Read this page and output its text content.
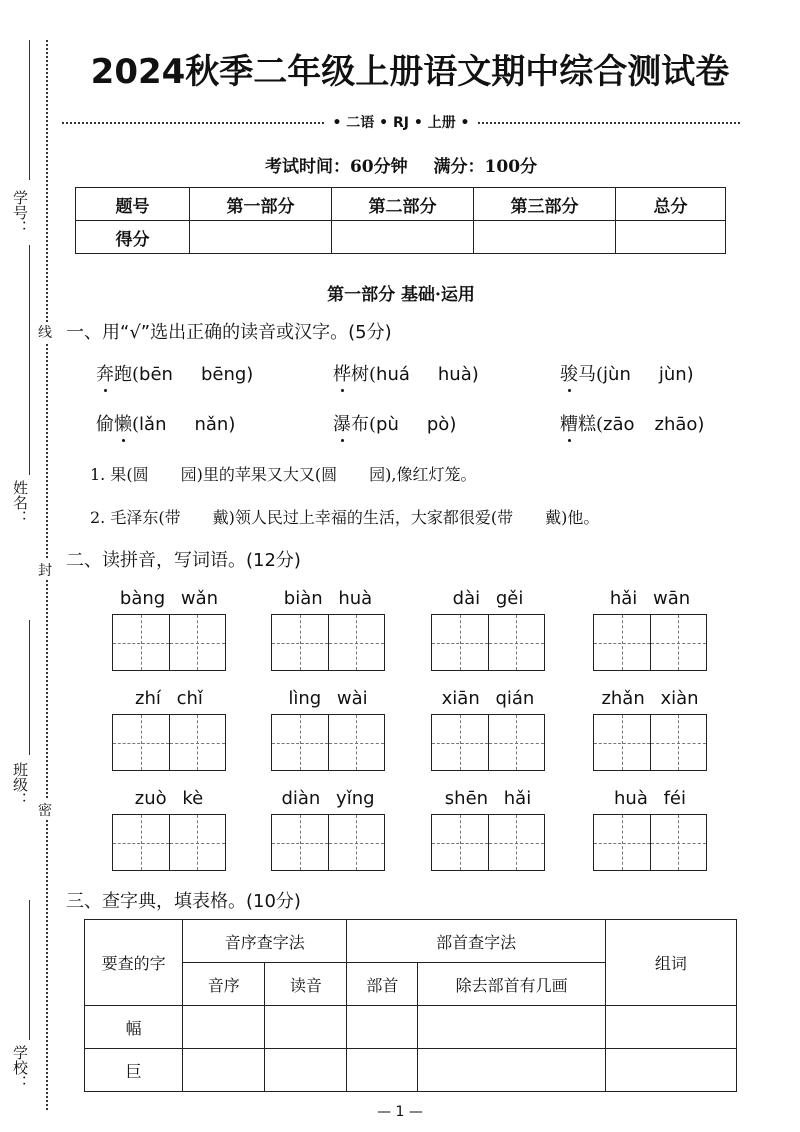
学号：
姓名：
班级：
学校：
线
封
密
2024秋季二年级上册语文期中综合测试卷
• 二语 • RJ • 上册 •
考试时间：60分钟 满分：100分
题号	第一部分	第二部分	第三部分	总分
得分				
第一部分 基础·运用
一、用“√”选出正确的读音或汉字。(5分)
奔跑(bēn bēng)	桦树(huá huà)	骏马(jùn jùn)
偷懒(lǎn nǎn)	瀑布(pù pò)	糟糕(zāo zhāo)
1. 果(圆 园)里的苹果又大又(圆 园),像红灯笼。
2. 毛泽东(带 戴)领人民过上幸福的生活，大家都很爱(带 戴)他。
二、读拼音，写词语。(12分)
bàng wǎn	biàn huà	dài gěi	hǎi wān
zhí chǐ	lìng wài	xiān qián	zhǎn xiàn
zuò kè	diàn yǐng	shēn hǎi	huà féi
三、查字典，填表格。(10分)
要查的字	音序查字法		部首查字法		组词
	音序	读音	部首	除去部首有几画	
幅					
巨					
— 1 —
